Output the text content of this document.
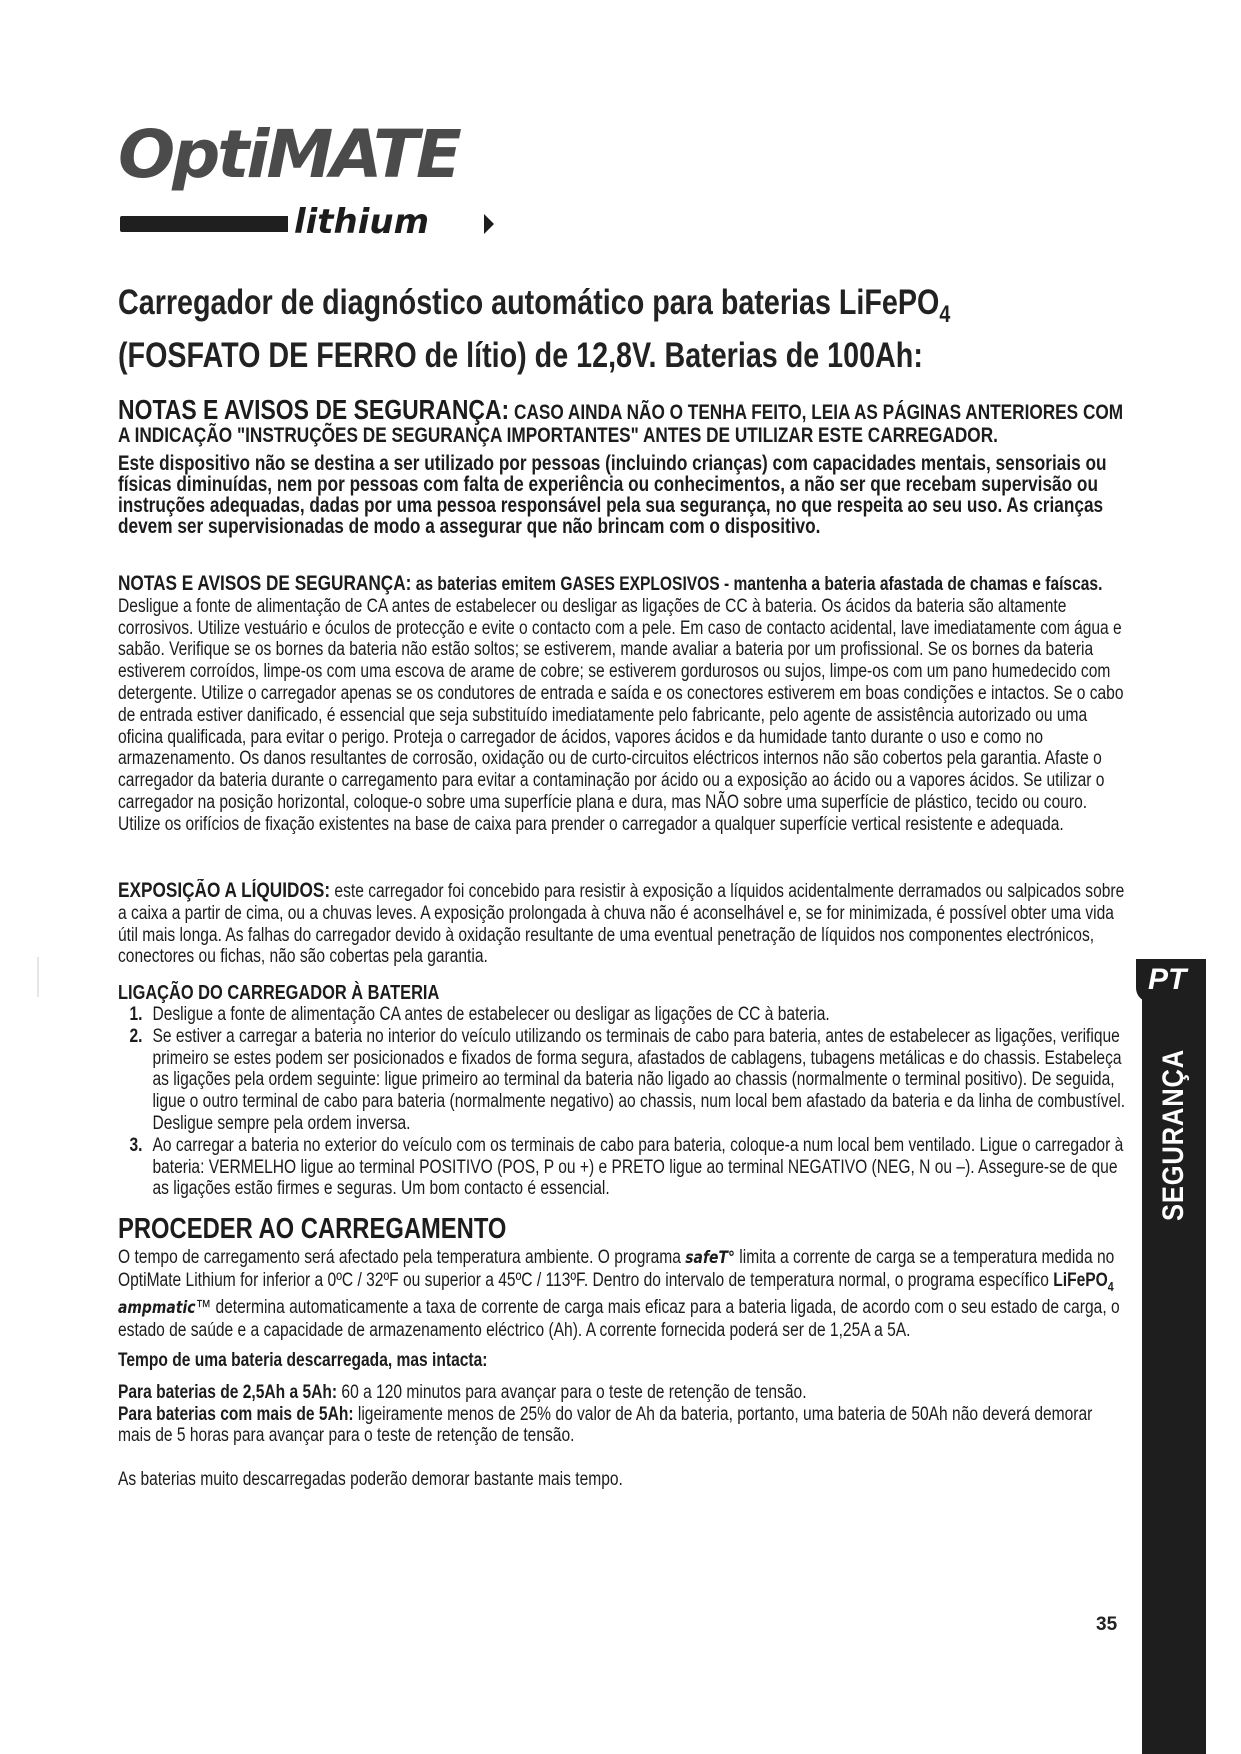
OptiMATE
lithium
Carregador de diagnóstico automático para baterias LiFePO$_4$
(FOSFATO DE FERRO de lítio) de 12,8V. Baterias de 100Ah:
NOTAS E AVISOS DE SEGURANÇA: CASO AINDA NÃO O TENHA FEITO, LEIA AS PÁGINAS ANTERIORES COM A INDICAÇÃO "INSTRUÇÕES DE SEGURANÇA IMPORTANTES" ANTES DE UTILIZAR ESTE CARREGADOR.
Este dispositivo não se destina a ser utilizado por pessoas (incluindo crianças) com capacidades mentais, sensoriais ou físicas diminuídas, nem por pessoas com falta de experiência ou conhecimentos, a não ser que recebam supervisão ou instruções adequadas, dadas por uma pessoa responsável pela sua segurança, no que respeita ao seu uso. As crianças devem ser supervisionadas de modo a assegurar que não brincam com o dispositivo.
NOTAS E AVISOS DE SEGURANÇA: as baterias emitem GASES EXPLOSIVOS - mantenha a bateria afastada de chamas e faíscas. Desligue a fonte de alimentação de CA antes de estabelecer ou desligar as ligações de CC à bateria. Os ácidos da bateria são altamente corrosivos. Utilize vestuário e óculos de protecção e evite o contacto com a pele. Em caso de contacto acidental, lave imediatamente com água e sabão. Verifique se os bornes da bateria não estão soltos; se estiverem, mande avaliar a bateria por um profissional. Se os bornes da bateria estiverem corroídos, limpe-os com uma escova de arame de cobre; se estiverem gordurosos ou sujos, limpe-os com um pano humedecido com detergente. Utilize o carregador apenas se os condutores de entrada e saída e os conectores estiverem em boas condições e intactos. Se o cabo de entrada estiver danificado, é essencial que seja substituído imediatamente pelo fabricante, pelo agente de assistência autorizado ou uma oficina qualificada, para evitar o perigo. Proteja o carregador de ácidos, vapores ácidos e da humidade tanto durante o uso e como no armazenamento. Os danos resultantes de corrosão, oxidação ou de curto-circuitos eléctricos internos não são cobertos pela garantia. Afaste o carregador da bateria durante o carregamento para evitar a contaminação por ácido ou a exposição ao ácido ou a vapores ácidos. Se utilizar o carregador na posição horizontal, coloque-o sobre uma superfície plana e dura, mas NÃO sobre uma superfície de plástico, tecido ou couro. Utilize os orifícios de fixação existentes na base de caixa para prender o carregador a qualquer superfície vertical resistente e adequada.
EXPOSIÇÃO A LÍQUIDOS: este carregador foi concebido para resistir à exposição a líquidos acidentalmente derramados ou salpicados sobre a caixa a partir de cima, ou a chuvas leves. A exposição prolongada à chuva não é aconselhável e, se for minimizada, é possível obter uma vida útil mais longa. As falhas do carregador devido à oxidação resultante de uma eventual penetração de líquidos nos componentes electrónicos, conectores ou fichas, não são cobertas pela garantia.
LIGAÇÃO DO CARREGADOR À BATERIA
1. Desligue a fonte de alimentação CA antes de estabelecer ou desligar as ligações de CC à bateria.
2. Se estiver a carregar a bateria no interior do veículo utilizando os terminais de cabo para bateria, antes de estabelecer as ligações, verifique primeiro se estes podem ser posicionados e fixados de forma segura, afastados de cablagens, tubagens metálicas e do chassis. Estabeleça as ligações pela ordem seguinte: ligue primeiro ao terminal da bateria não ligado ao chassis (normalmente o terminal positivo). De seguida, ligue o outro terminal de cabo para bateria (normalmente negativo) ao chassis, num local bem afastado da bateria e da linha de combustível. Desligue sempre pela ordem inversa.
3. Ao carregar a bateria no exterior do veículo com os terminais de cabo para bateria, coloque-a num local bem ventilado. Ligue o carregador à bateria: VERMELHO ligue ao terminal POSITIVO (POS, P ou +) e PRETO ligue ao terminal NEGATIVO (NEG, N ou –). Assegure-se de que as ligações estão firmes e seguras. Um bom contacto é essencial.
PROCEDER AO CARREGAMENTO
O tempo de carregamento será afectado pela temperatura ambiente. O programa safeT° limita a corrente de carga se a temperatura medida no OptiMate Lithium for inferior a 0ºC / 32ºF ou superior a 45ºC / 113ºF. Dentro do intervalo de temperatura normal, o programa específico LiFePO$_4$ ampmatic™ determina automaticamente a taxa de corrente de carga mais eficaz para a bateria ligada, de acordo com o seu estado de carga, o estado de saúde e a capacidade de armazenamento eléctrico (Ah). A corrente fornecida poderá ser de 1,25A a 5A.
Tempo de uma bateria descarregada, mas intacta:
Para baterias de 2,5Ah a 5Ah: 60 a 120 minutos para avançar para o teste de retenção de tensão.
Para baterias com mais de 5Ah: ligeiramente menos de 25% do valor de Ah da bateria, portanto, uma bateria de 50Ah não deverá demorar mais de 5 horas para avançar para o teste de retenção de tensão.
As baterias muito descarregadas poderão demorar bastante mais tempo.
PT
SEGURANÇA
35
